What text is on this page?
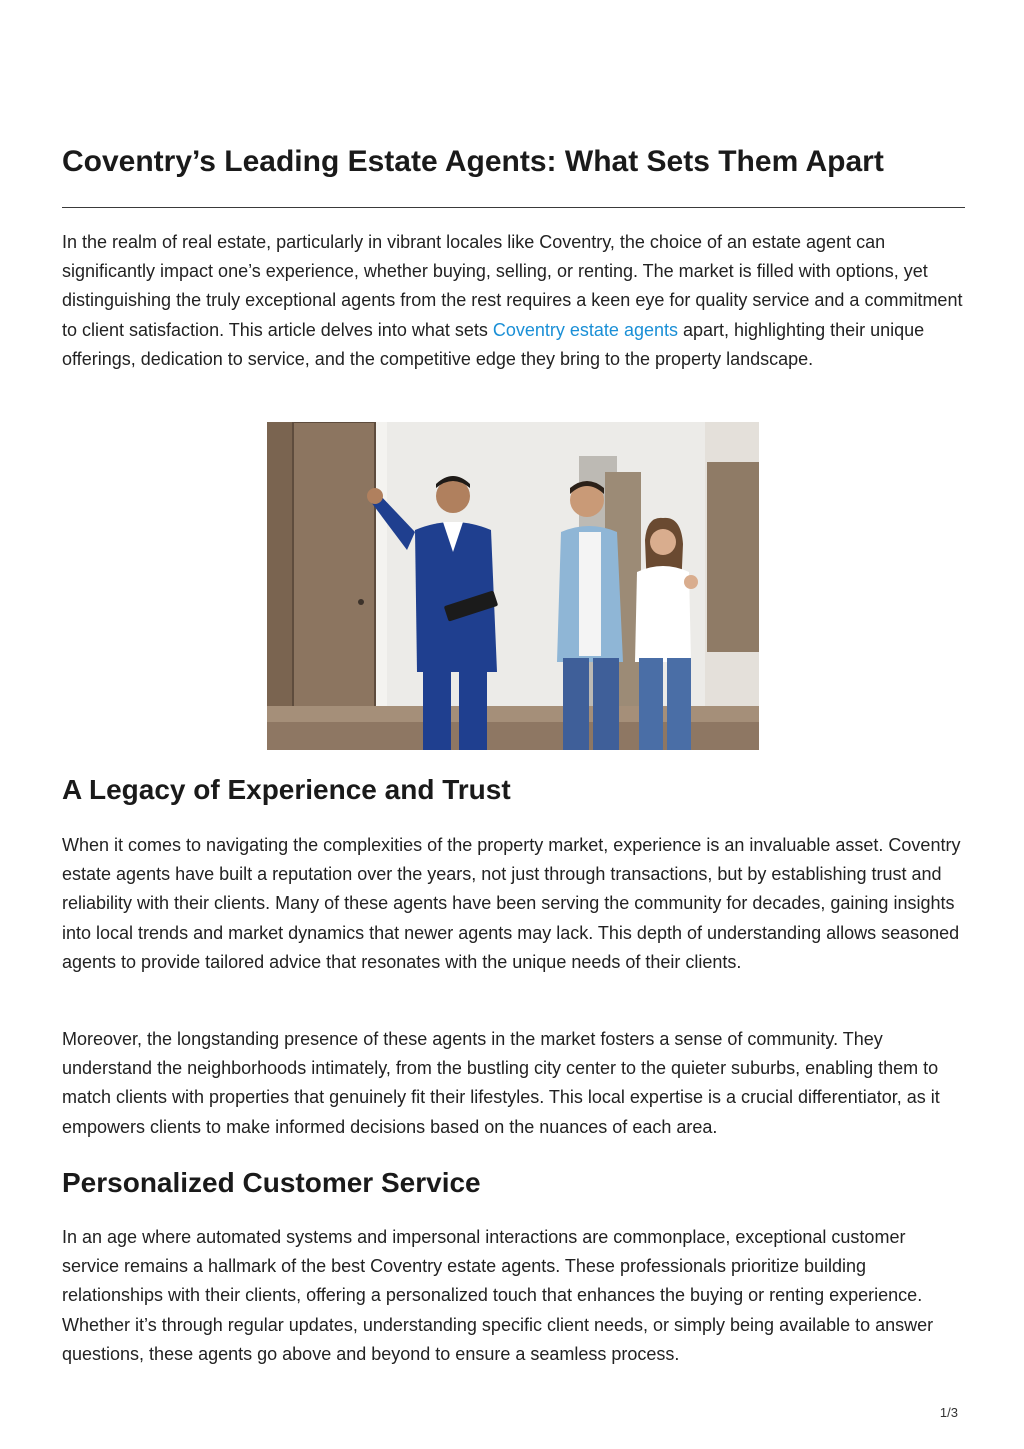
Coventry’s Leading Estate Agents: What Sets Them Apart

In the realm of real estate, particularly in vibrant locales like Coventry, the choice of an estate agent can significantly impact one’s experience, whether buying, selling, or renting. The market is filled with options, yet distinguishing the truly exceptional agents from the rest requires a keen eye for quality service and a commitment to client satisfaction. This article delves into what sets Coventry estate agents apart, highlighting their unique offerings, dedication to service, and the competitive edge they bring to the property landscape.

A Legacy of Experience and Trust

When it comes to navigating the complexities of the property market, experience is an invaluable asset. Coventry estate agents have built a reputation over the years, not just through transactions, but by establishing trust and reliability with their clients. Many of these agents have been serving the community for decades, gaining insights into local trends and market dynamics that newer agents may lack. This depth of understanding allows seasoned agents to provide tailored advice that resonates with the unique needs of their clients.

Moreover, the longstanding presence of these agents in the market fosters a sense of community. They understand the neighborhoods intimately, from the bustling city center to the quieter suburbs, enabling them to match clients with properties that genuinely fit their lifestyles. This local expertise is a crucial differentiator, as it empowers clients to make informed decisions based on the nuances of each area.

Personalized Customer Service

In an age where automated systems and impersonal interactions are commonplace, exceptional customer service remains a hallmark of the best Coventry estate agents. These professionals prioritize building relationships with their clients, offering a personalized touch that enhances the buying or renting experience. Whether it’s through regular updates, understanding specific client needs, or simply being available to answer questions, these agents go above and beyond to ensure a seamless process.

1/3
